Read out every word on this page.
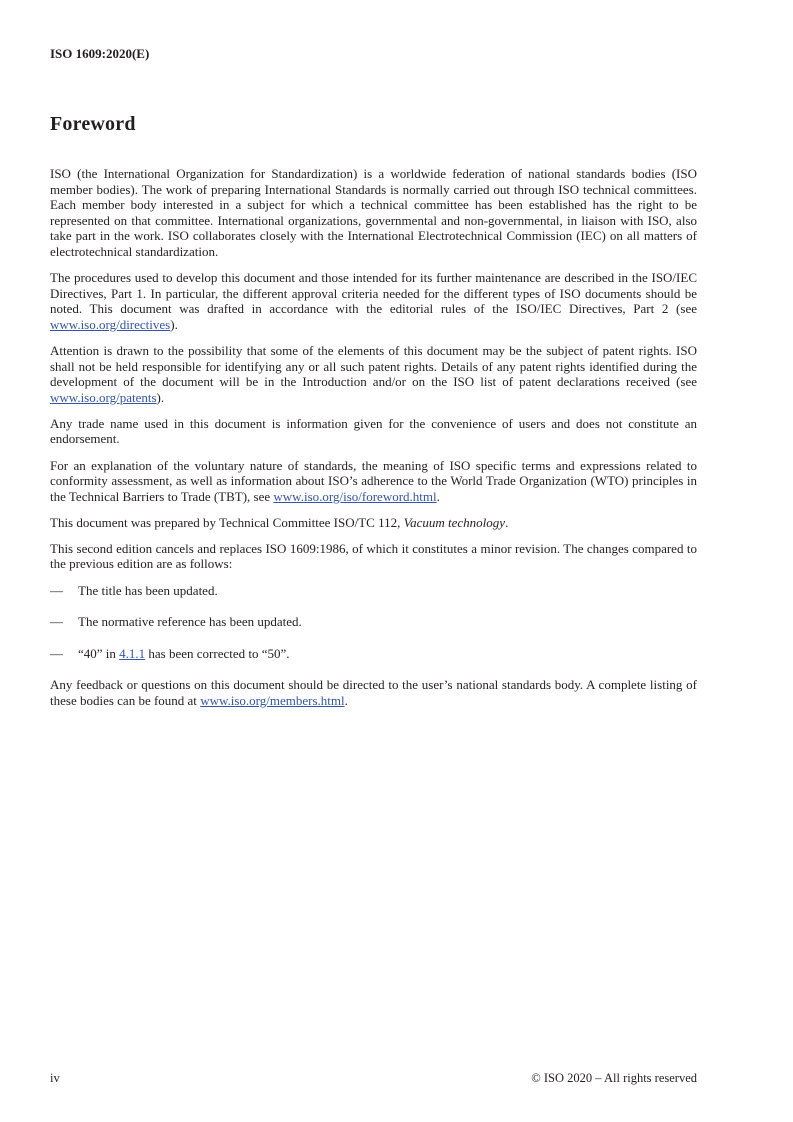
ISO 1609:2020(E)
Foreword

ISO (the International Organization for Standardization) is a worldwide federation of national standards bodies (ISO member bodies). The work of preparing International Standards is normally carried out through ISO technical committees. Each member body interested in a subject for which a technical committee has been established has the right to be represented on that committee. International organizations, governmental and non-governmental, in liaison with ISO, also take part in the work. ISO collaborates closely with the International Electrotechnical Commission (IEC) on all matters of electrotechnical standardization.

The procedures used to develop this document and those intended for its further maintenance are described in the ISO/IEC Directives, Part 1. In particular, the different approval criteria needed for the different types of ISO documents should be noted. This document was drafted in accordance with the editorial rules of the ISO/IEC Directives, Part 2 (see www.iso.org/directives).

Attention is drawn to the possibility that some of the elements of this document may be the subject of patent rights. ISO shall not be held responsible for identifying any or all such patent rights. Details of any patent rights identified during the development of the document will be in the Introduction and/or on the ISO list of patent declarations received (see www.iso.org/patents).

Any trade name used in this document is information given for the convenience of users and does not constitute an endorsement.

For an explanation of the voluntary nature of standards, the meaning of ISO specific terms and expressions related to conformity assessment, as well as information about ISO’s adherence to the World Trade Organization (WTO) principles in the Technical Barriers to Trade (TBT), see www.iso.org/iso/foreword.html.

This document was prepared by Technical Committee ISO/TC 112, Vacuum technology.

This second edition cancels and replaces ISO 1609:1986, of which it constitutes a minor revision. The changes compared to the previous edition are as follows:

—	The title has been updated.
—	The normative reference has been updated.
—	“40” in 4.1.1 has been corrected to “50”.

Any feedback or questions on this document should be directed to the user’s national standards body. A complete listing of these bodies can be found at www.iso.org/members.html.

iv	© ISO 2020 – All rights reserved
